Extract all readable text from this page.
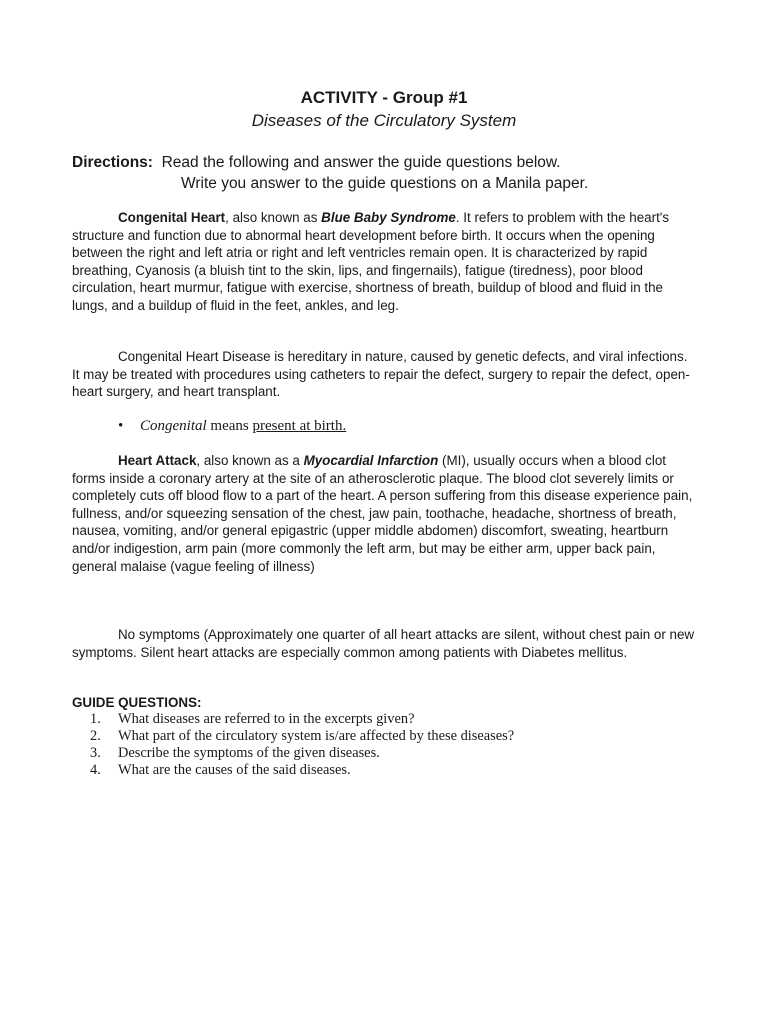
ACTIVITY - Group #1
Diseases of the Circulatory System
Directions: Read the following and answer the guide questions below.
Write you answer to the guide questions on a Manila paper.
Congenital Heart, also known as Blue Baby Syndrome. It refers to problem with the heart's structure and function due to abnormal heart development before birth. It occurs when the opening between the right and left atria or right and left ventricles remain open. It is characterized by rapid breathing, Cyanosis (a bluish tint to the skin, lips, and fingernails), fatigue (tiredness), poor blood circulation, heart murmur, fatigue with exercise, shortness of breath, buildup of blood and fluid in the lungs, and a buildup of fluid in the feet, ankles, and leg.
Congenital Heart Disease is hereditary in nature, caused by genetic defects, and viral infections. It may be treated with procedures using catheters to repair the defect, surgery to repair the defect, open-heart surgery, and heart transplant.
• Congenital means present at birth.
Heart Attack, also known as a Myocardial Infarction (MI), usually occurs when a blood clot forms inside a coronary artery at the site of an atherosclerotic plaque. The blood clot severely limits or completely cuts off blood flow to a part of the heart. A person suffering from this disease experience pain, fullness, and/or squeezing sensation of the chest, jaw pain, toothache, headache, shortness of breath, nausea, vomiting, and/or general epigastric (upper middle abdomen) discomfort, sweating, heartburn and/or indigestion, arm pain (more commonly the left arm, but may be either arm, upper back pain, general malaise (vague feeling of illness)
No symptoms (Approximately one quarter of all heart attacks are silent, without chest pain or new symptoms. Silent heart attacks are especially common among patients with Diabetes mellitus.
GUIDE QUESTIONS:
1. What diseases are referred to in the excerpts given?
2. What part of the circulatory system is/are affected by these diseases?
3. Describe the symptoms of the given diseases.
4. What are the causes of the said diseases.
